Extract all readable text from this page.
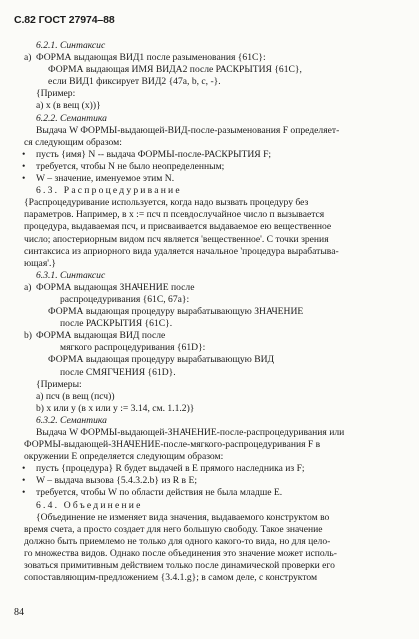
С.82 ГОСТ 27974–88
6.2.1. Синтаксис
a) ФОРМА выдающая ВИД1 после разыменования {61C}:
ФОРМА выдающая ИМЯ ВИДА2 после РАСКРЫТИЯ {61C},
если ВИД1 фиксирует ВИД2 {47a, b, c, -}.
{Пример:
a) x (в вещ (x))}
6.2.2. Семантика
Выдача W ФОРМЫ-выдающей-ВИД-после-разыменования F определяет-
ся следующим образом:
• пусть {имя} N -- выдача ФОРМЫ-после-РАСКРЫТИЯ F;
• требуется, чтобы N не было неопределенным;
• W – значение, именуемое этим N.
6.3. Распроцедуривание
{Распроцедуривание используется, когда надо вызвать процедуру без
параметров. Например, в x := псч п псевдослучайное число п вызывается
процедура, выдаваемая псч, и присваивается выдаваемое ею вещественное
число; апостериорным видом псч является 'вещественное'. С точки зрения
синтаксиса из априорного вида удаляется начальное 'процедура вырабатыва-
ющая'.}
6.3.1. Синтаксис
a) ФОРМА выдающая ЗНАЧЕНИЕ после
распроцедуривания {61C, 67a}:
ФОРМА выдающая процедуру вырабатывающую ЗНАЧЕНИЕ
после РАСКРЫТИЯ {61C}.
b) ФОРМА выдающая ВИД после
мягкого распроцедуривания {61D}:
ФОРМА выдающая процедуру вырабатывающую ВИД
после СМЯГЧЕНИЯ {61D}.
{Примеры:
a) псч (в вещ (псч))
b) x или y (в x или y := 3.14, см. 1.1.2)}
6.3.2. Семантика
Выдача W ФОРМЫ-выдающей-ЗНАЧЕНИЕ-после-распроцедуривания или
ФОРМЫ-выдающей-ЗНАЧЕНИЕ-после-мягкого-распроцедуривания F в
окружении E определяется следующим образом:
• пусть {процедура} R будет выдачей в E прямого наследника из F;
• W – выдача вызова {5.4.3.2.b} из R в E;
• требуется, чтобы W по области действия не была младше E.
6.4. Объединение
{Объединение не изменяет вида значения, выдаваемого конструктом во
время счета, а просто создает для него большую свободу. Такое значение
должно быть приемлемо не только для одного какого-то вида, но для цело-
го множества видов. Однако после объединения это значение может исполь-
зоваться примитивным действием только после динамической проверки его
сопоставляющим-предложением {3.4.1.g}; в самом деле, с конструктом
84
